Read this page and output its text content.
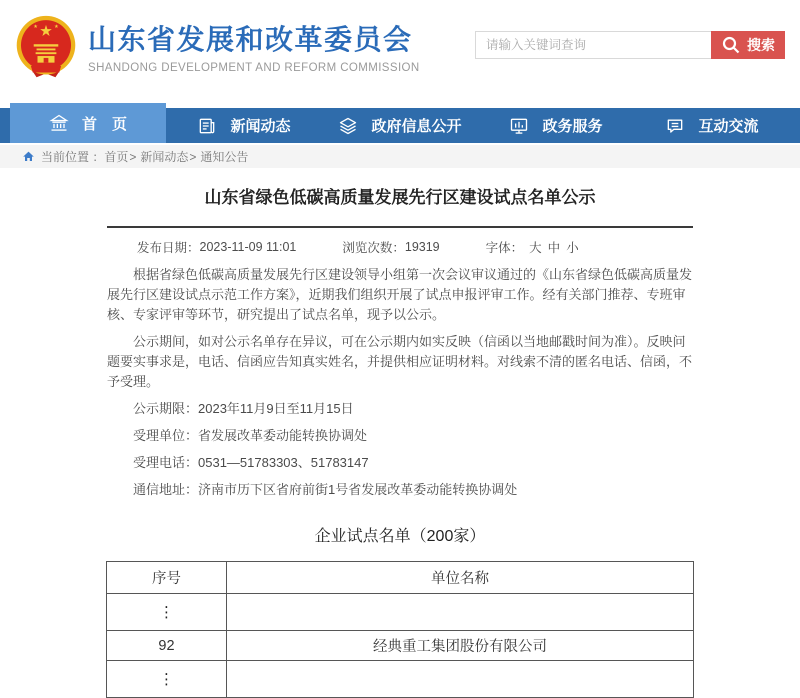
山东省发展和改革委员会
SHANDONG DEVELOPMENT AND REFORM COMMISSION
请输入关键词查询
搜索
首　页	新闻动态	政府信息公开	政务服务	互动交流
当前位置 ： 首页 > 新闻动态 > 通知公告
山东省绿色低碳高质量发展先行区建设试点名单公示
发布日期： 2023-11-09 11:01	浏览次数： 19319	字体： 大 中 小

根据省绿色低碳高质量发展先行区建设领导小组第一次会议审议通过的《山东省绿色低碳高质量发展先行区建设试点示范工作方案》，近期我们组织开展了试点申报评审工作。经有关部门推荐、专班审核、专家评审等环节，研究提出了试点名单，现予以公示。

公示期间，如对公示名单存在异议，可在公示期内如实反映（信函以当地邮戳时间为准）。反映问题要实事求是，电话、信函应告知真实姓名，并提供相应证明材料。对线索不清的匿名电话、信函，不予受理。

公示期限：2023年11月9日至11月15日

受理单位：省发展改革委动能转换协调处

受理电话：0531—51783303、51783147

通信地址：济南市历下区省府前街1号省发展改革委动能转换协调处

企业试点名单（200家）
序号	单位名称
⋮	
92	经典重工集团股份有限公司
⋮	
